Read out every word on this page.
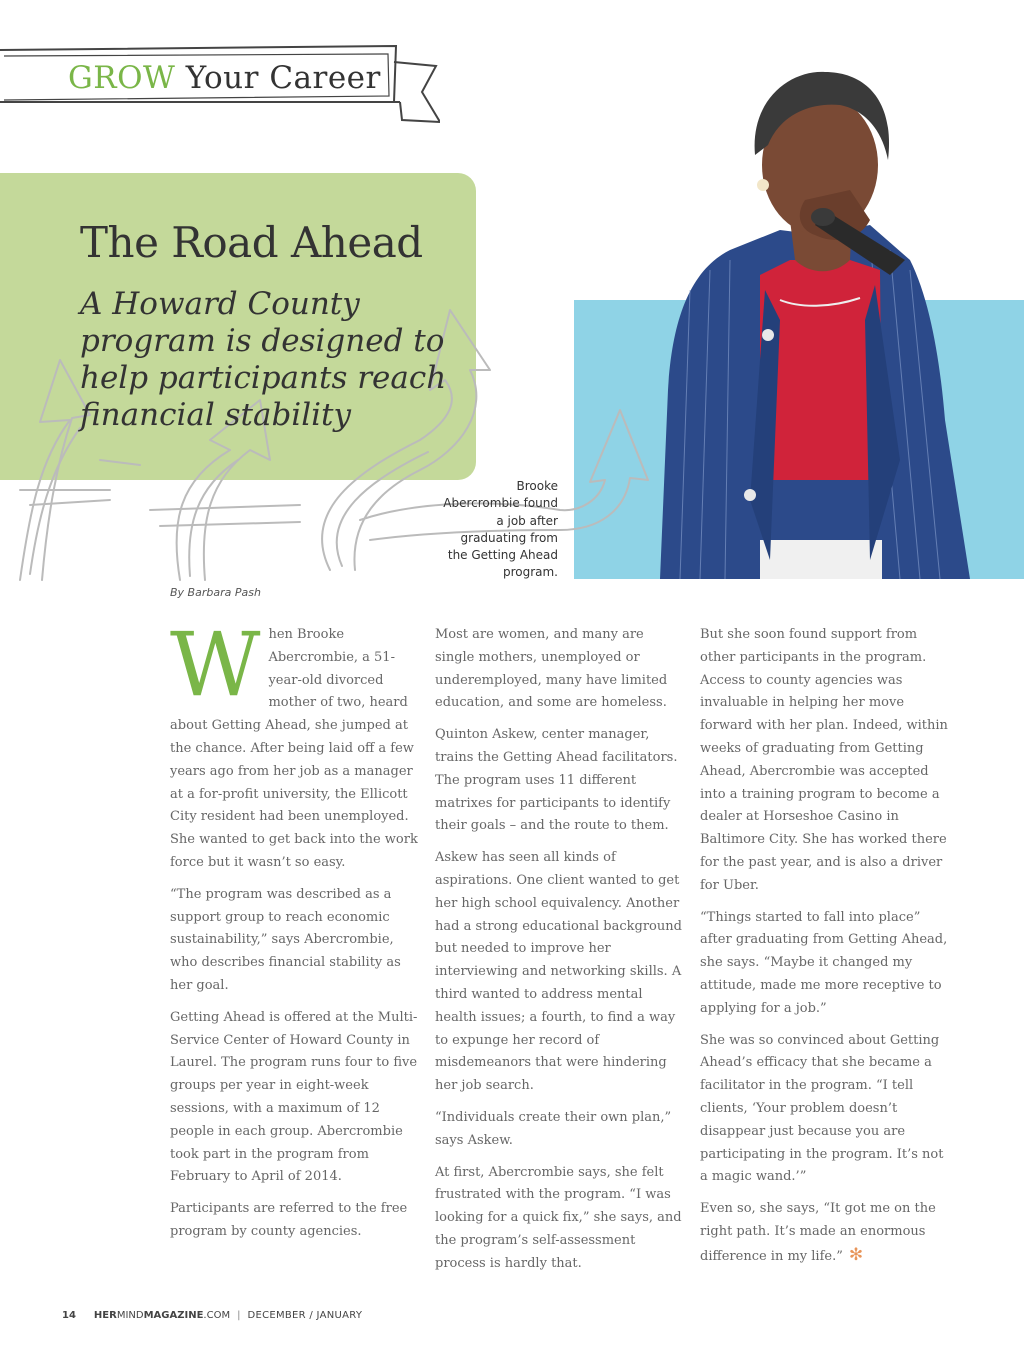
GROW Your Career
The Road Ahead
A Howard County program is designed to help participants reach financial stability
Brooke Abercrombie found a job after graduating from the Getting Ahead program.
By Barbara Pash

When Brooke Abercrombie, a 51-year-old divorced mother of two, heard about Getting Ahead, she jumped at the chance. After being laid off a few years ago from her job as a manager at a for-profit university, the Ellicott City resident had been unemployed. She wanted to get back into the work force but it wasn’t so easy.

“The program was described as a support group to reach economic sustainability,” says Abercrombie, who describes financial stability as her goal.

Getting Ahead is offered at the Multi-Service Center of Howard County in Laurel. The program runs four to five groups per year in eight-week sessions, with a maximum of 12 people in each group. Abercrombie took part in the program from February to April of 2014.

Participants are referred to the free program by county agencies.

Most are women, and many are single mothers, unemployed or underemployed, many have limited education, and some are homeless.

Quinton Askew, center manager, trains the Getting Ahead facilitators. The program uses 11 different matrixes for participants to identify their goals – and the route to them.

Askew has seen all kinds of aspirations. One client wanted to get her high school equivalency. Another had a strong educational background but needed to improve her interviewing and networking skills. A third wanted to address mental health issues; a fourth, to find a way to expunge her record of misdemeanors that were hindering her job search.

“Individuals create their own plan,” says Askew.

At first, Abercrombie says, she felt frustrated with the program. “I was looking for a quick fix,” she says, and the program’s self-assessment process is hardly that.

But she soon found support from other participants in the program. Access to county agencies was invaluable in helping her move forward with her plan. Indeed, within weeks of graduating from Getting Ahead, Abercrombie was accepted into a training program to become a dealer at Horseshoe Casino in Baltimore City. She has worked there for the past year, and is also a driver for Uber.

“Things started to fall into place” after graduating from Getting Ahead, she says. “Maybe it changed my attitude, made me more receptive to applying for a job.”

She was so convinced about Getting Ahead’s efficacy that she became a facilitator in the program. “I tell clients, ‘Your problem doesn’t disappear just because you are participating in the program. It’s not a magic wand.’”

Even so, she says, “It got me on the right path. It’s made an enormous difference in my life.” ✻

14 HERMINDMAGAZINE.COM | DECEMBER / JANUARY
